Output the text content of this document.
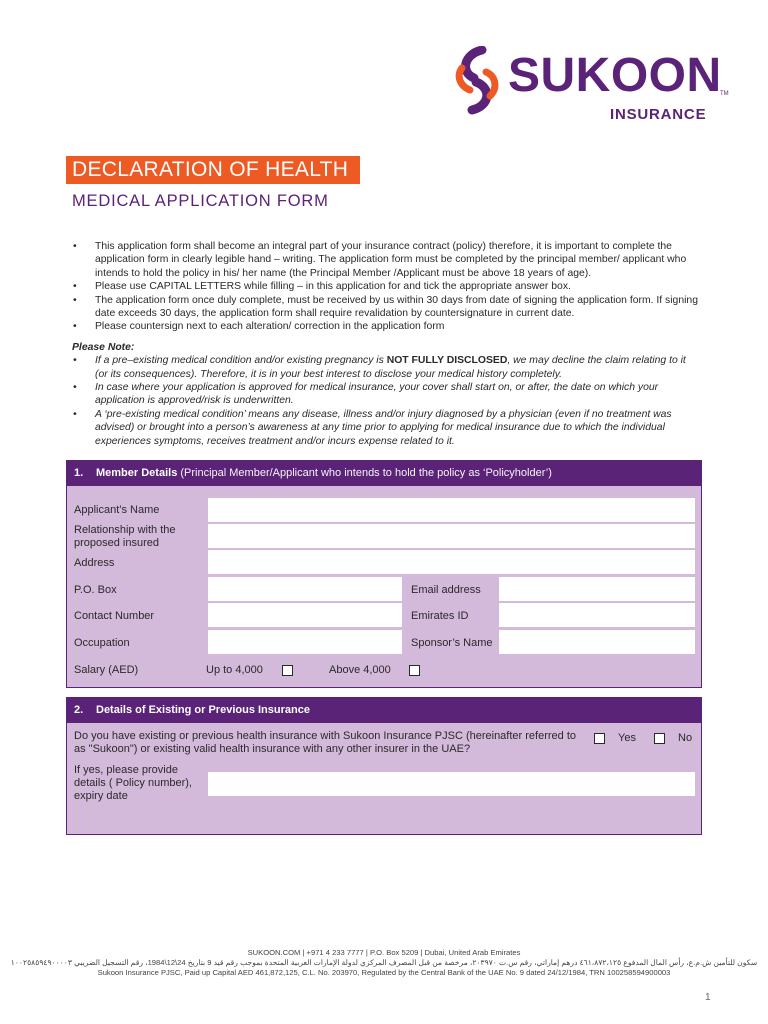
SUKOON
TM
INSURANCE
DECLARATION OF HEALTH
MEDICAL APPLICATION FORM
• This application form shall become an integral part of your insurance contract (policy) therefore, it is important to complete the application form in clearly legible hand – writing. The application form must be completed by the principal member/ applicant who intends to hold the policy in his/ her name (the Principal Member /Applicant must be above 18 years of age).
• Please use CAPITAL LETTERS while filling – in this application for and tick the appropriate answer box.
• The application form once duly complete, must be received by us within 30 days from date of signing the application form. If signing date exceeds 30 days, the application form shall require revalidation by countersignature in current date.
• Please countersign next to each alteration/ correction in the application form
Please Note:
• If a pre–existing medical condition and/or existing pregnancy is NOT FULLY DISCLOSED, we may decline the claim relating to it (or its consequences). Therefore, it is in your best interest to disclose your medical history completely.
• In case where your application is approved for medical insurance, your cover shall start on, or after, the date on which your application is approved/risk is underwritten.
• A ‘pre-existing medical condition’ means any disease, illness and/or injury diagnosed by a physician (even if no treatment was advised) or brought into a person’s awareness at any time prior to applying for medical insurance due to which the individual experiences symptoms, receives treatment and/or incurs expense related to it.
1. Member Details (Principal Member/Applicant who intends to hold the policy as ‘Policyholder’)
Applicant’s Name
Relationship with the proposed insured
Address
P.O. Box	Email address
Contact Number	Emirates ID
Occupation	Sponsor’s Name
Salary (AED)	Up to 4,000	Above 4,000
2. Details of Existing or Previous Insurance
Do you have existing or previous health insurance with Sukoon Insurance PJSC (hereinafter referred to as "Sukoon") or existing valid health insurance with any other insurer in the UAE?
Yes	No
If yes, please provide details ( Policy number), expiry date
SUKOON.COM | +971 4 233 7777 | P.O. Box 5209 | Dubai, United Arab Emirates
سكون للتأمين ش.م.ع، رأس المال المدفوع ٤٦١،٨٧٢،١٢٥ درهم إماراتي، رقم س.ت ٢٠٣٩٧٠، مرخصة من قبل المصرف المركزي لدولة الإمارات العربية المتحدة بموجب رقم قيد 9 بتاريخ 24\12\1984، رقم التسجيل الضريبي ١٠٠٢٥٨٥٩٤٩٠٠٠٠٣
Sukoon Insurance PJSC, Paid up Capital AED 461,872,125, C.L. No. 203970, Regulated by the Central Bank of the UAE No. 9 dated 24/12/1984, TRN 100258594900003
1
